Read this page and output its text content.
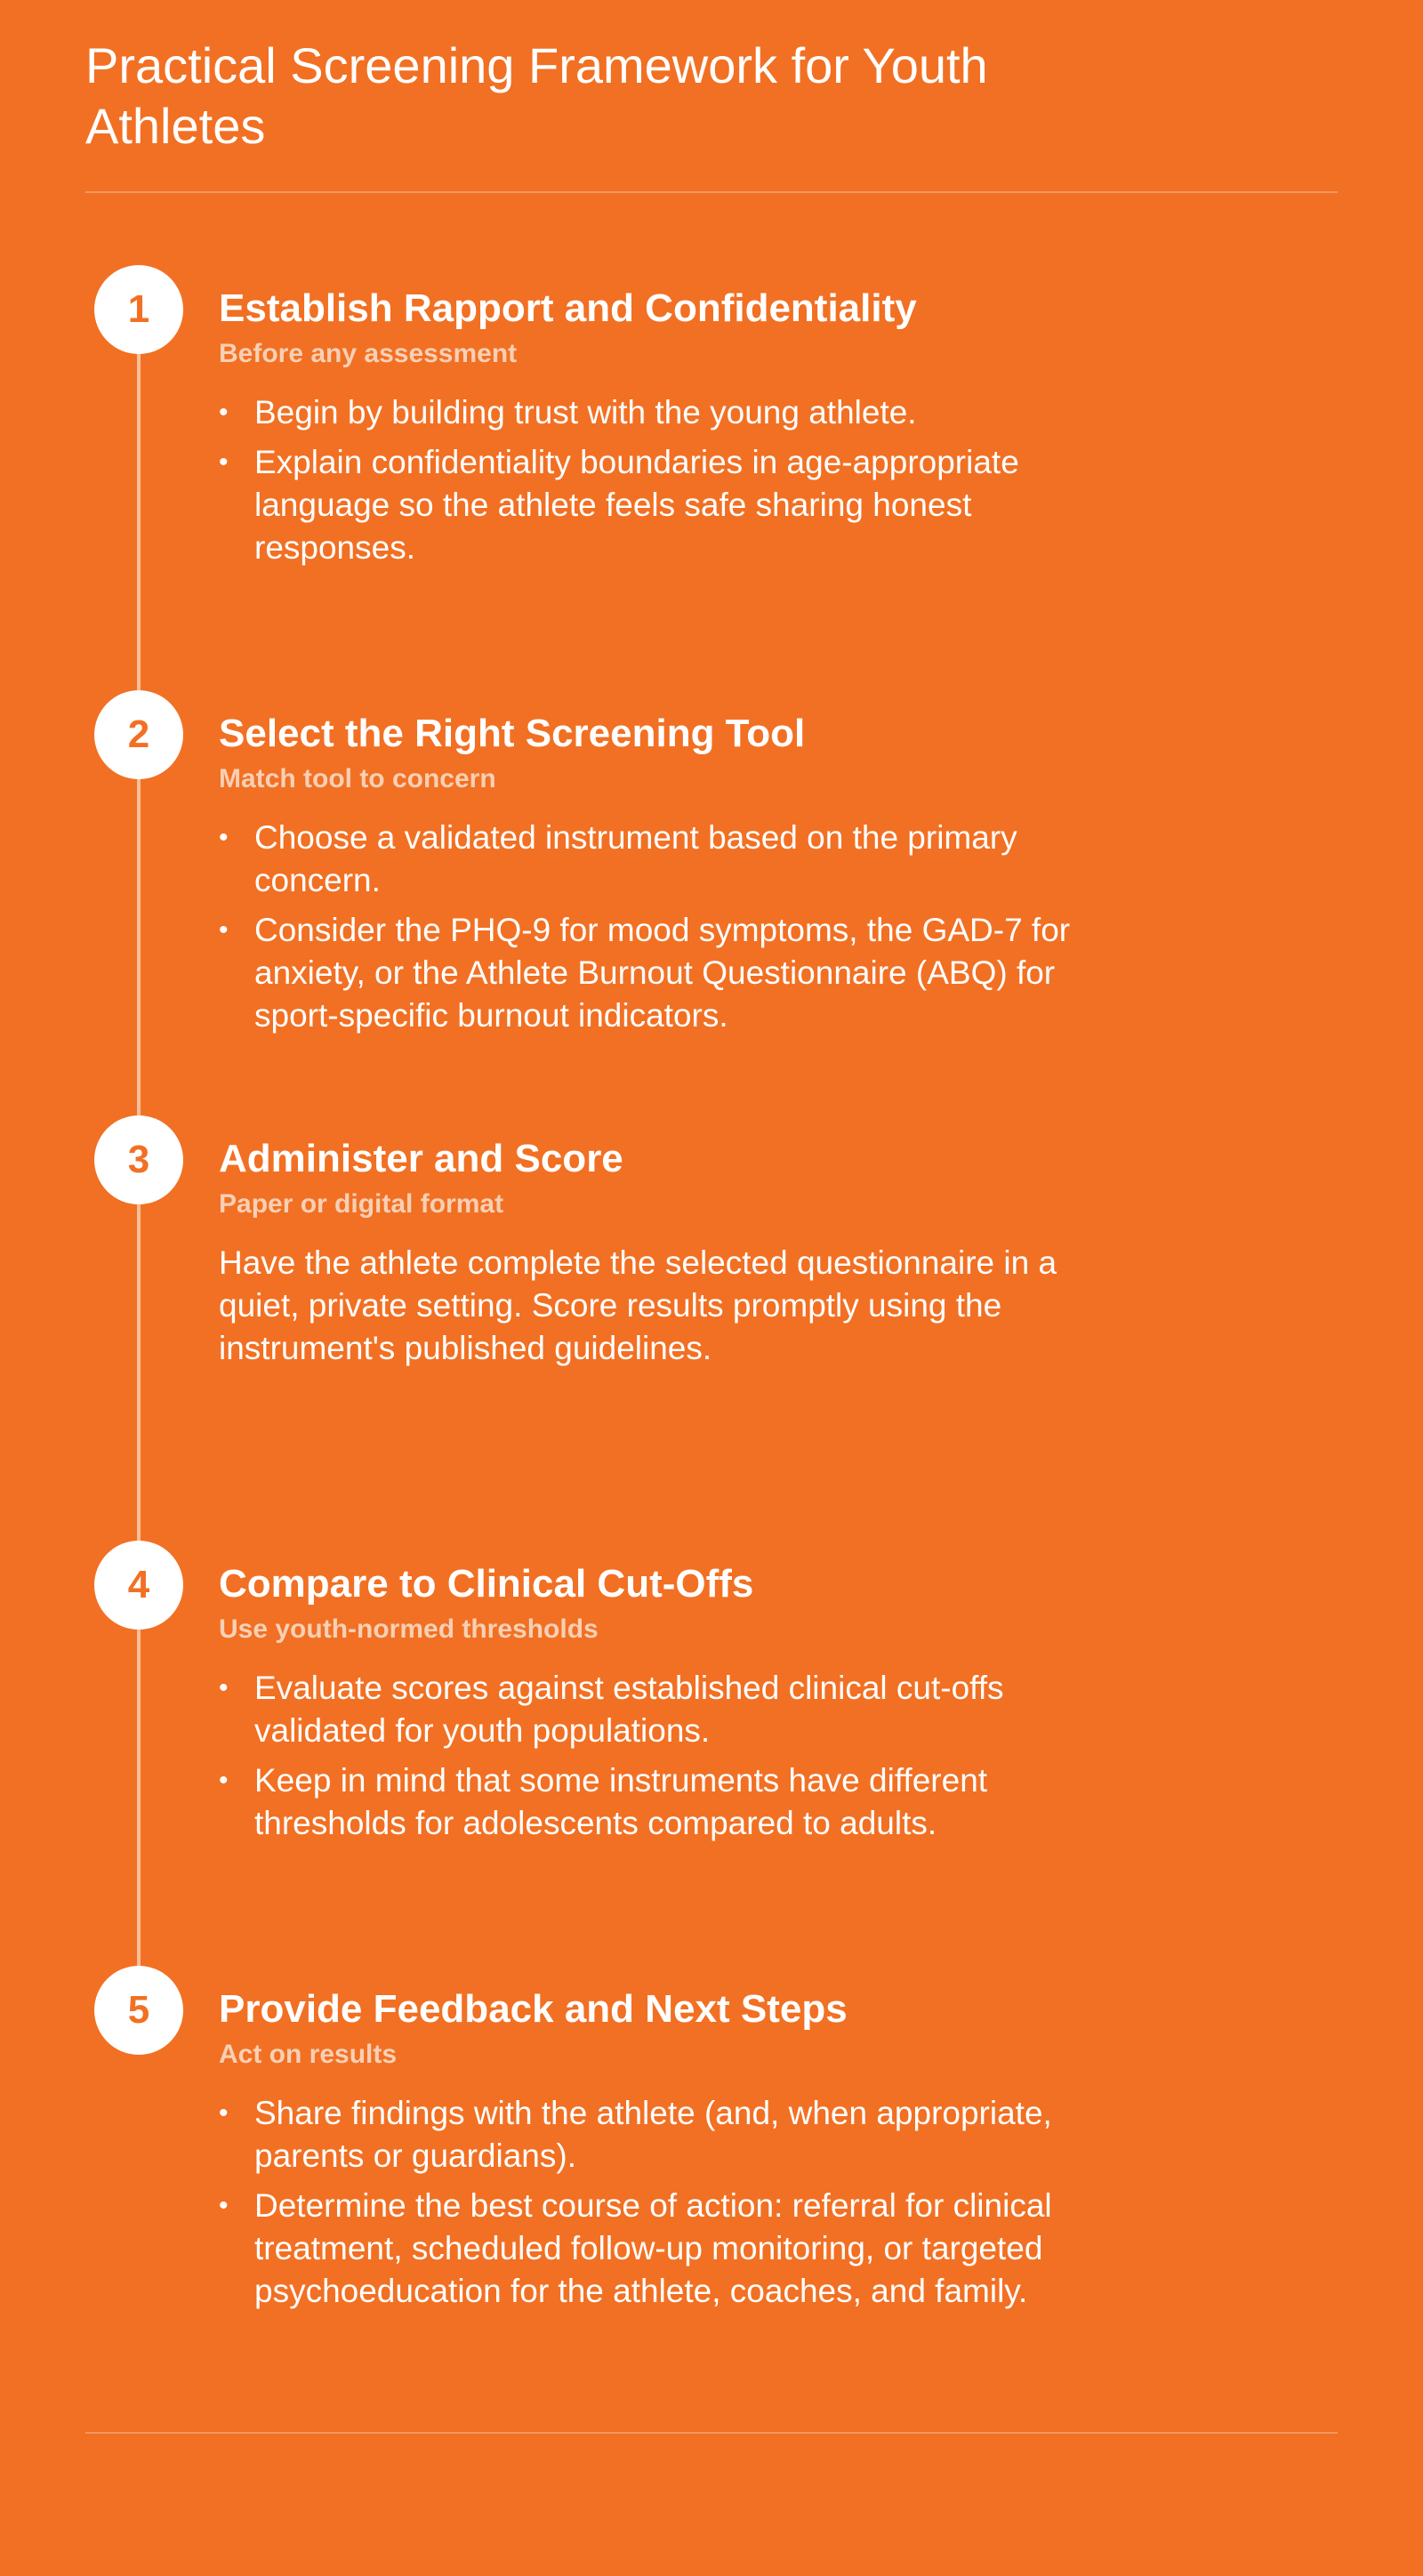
Practical Screening Framework for Youth Athletes
1	Establish Rapport and Confidentiality
Before any assessment
• Begin by building trust with the young athlete.
• Explain confidentiality boundaries in age-appropriate language so the athlete feels safe sharing honest responses.
2	Select the Right Screening Tool
Match tool to concern
• Choose a validated instrument based on the primary concern.
• Consider the PHQ-9 for mood symptoms, the GAD-7 for anxiety, or the Athlete Burnout Questionnaire (ABQ) for sport-specific burnout indicators.
3	Administer and Score
Paper or digital format

Have the athlete complete the selected questionnaire in a quiet, private setting. Score results promptly using the instrument's published guidelines.

4	Compare to Clinical Cut-Offs
Use youth-normed thresholds
• Evaluate scores against established clinical cut-offs validated for youth populations.
• Keep in mind that some instruments have different thresholds for adolescents compared to adults.
5	Provide Feedback and Next Steps
Act on results
• Share findings with the athlete (and, when appropriate, parents or guardians).
• Determine the best course of action: referral for clinical treatment, scheduled follow-up monitoring, or targeted psychoeducation for the athlete, coaches, and family.
